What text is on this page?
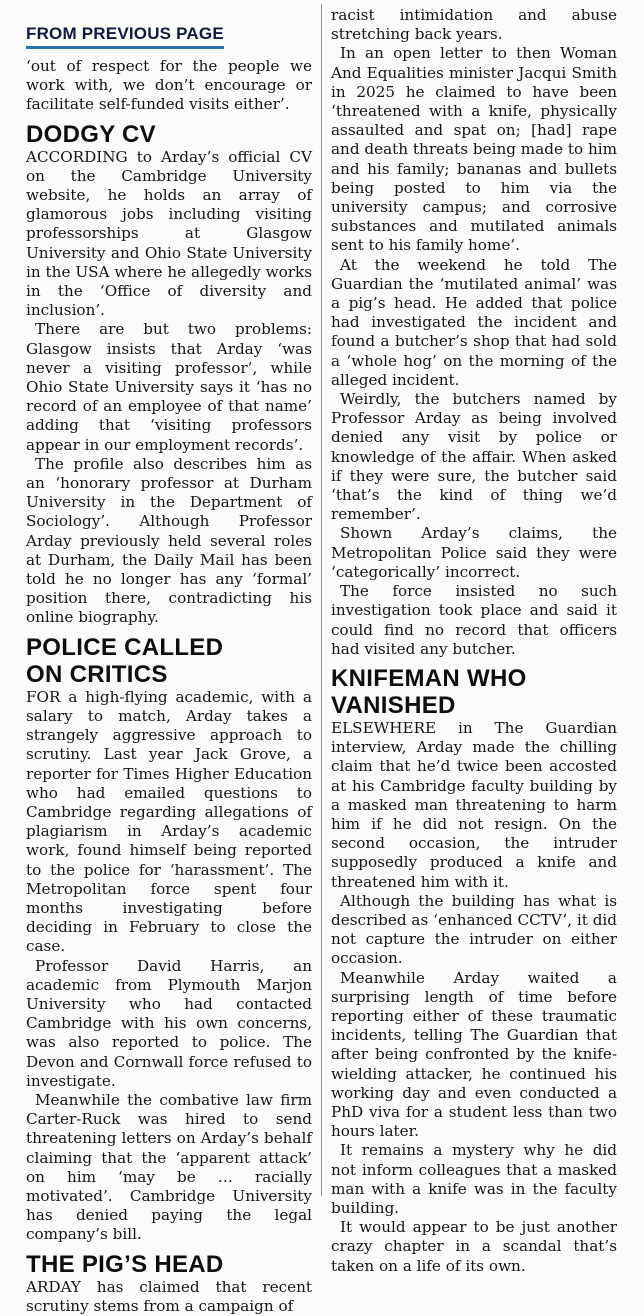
FROM PREVIOUS PAGE

‘out of respect for the people we work with, we don’t encourage or facilitate self-funded visits either’.

DODGY CV

ACCORDING to Arday’s official CV on the Cambridge University website, he holds an array of glamorous jobs including visiting professorships at Glasgow University and Ohio State University in the USA where he allegedly works in the ‘Office of diversity and inclusion’.

There are but two problems: Glasgow insists that Arday ‘was never a visiting professor’, while Ohio State University says it ‘has no record of an employee of that name’ adding that ‘visiting professors appear in our employment records’.

The profile also describes him as an ‘honorary professor at Durham University in the Department of Sociology’. Although Professor Arday previously held several roles at Durham, the Daily Mail has been told he no longer has any ‘formal’ position there, contradicting his online biography.

POLICE CALLED
ON CRITICS

FOR a high-flying academic, with a salary to match, Arday takes a strangely aggressive approach to scrutiny. Last year Jack Grove, a reporter for Times Higher Education who had emailed questions to Cambridge regarding allegations of plagiarism in Arday’s academic work, found himself being reported to the police for ‘harassment’. The Metropolitan force spent four months investigating before deciding in February to close the case.

Professor David Harris, an academic from Plymouth Marjon University who had contacted Cambridge with his own concerns, was also reported to police. The Devon and Cornwall force refused to investigate.

Meanwhile the combative law firm Carter-Ruck was hired to send threatening letters on Arday’s behalf claiming that the ‘apparent attack’ on him ‘may be … racially motivated’. Cambridge University has denied paying the legal company’s bill.

THE PIG’S HEAD

ARDAY has claimed that recent scrutiny stems from a campaign of

racist intimidation and abuse stretching back years.

In an open letter to then Woman And Equalities minister Jacqui Smith in 2025 he claimed to have been ‘threatened with a knife, physically assaulted and spat on; [had] rape and death threats being made to him and his family; bananas and bullets being posted to him via the university campus; and corrosive substances and mutilated animals sent to his family home’.

At the weekend he told The Guardian the ‘mutilated animal’ was a pig’s head. He added that police had investigated the incident and found a butcher’s shop that had sold a ‘whole hog’ on the morning of the alleged incident.

Weirdly, the butchers named by Professor Arday as being involved denied any visit by police or knowledge of the affair. When asked if they were sure, the butcher said ‘that’s the kind of thing we’d remember’.

Shown Arday’s claims, the Metropolitan Police said they were ‘categorically’ incorrect.

The force insisted no such investigation took place and said it could find no record that officers had visited any butcher.

KNIFEMAN WHO
VANISHED

ELSEWHERE in The Guardian interview, Arday made the chilling claim that he’d twice been accosted at his Cambridge faculty building by a masked man threatening to harm him if he did not resign. On the second occasion, the intruder supposedly produced a knife and threatened him with it.

Although the building has what is described as ‘enhanced CCTV’, it did not capture the intruder on either occasion.

Meanwhile Arday waited a surprising length of time before reporting either of these traumatic incidents, telling The Guardian that after being confronted by the knife-wielding attacker, he continued his working day and even conducted a PhD viva for a student less than two hours later.

It remains a mystery why he did not inform colleagues that a masked man with a knife was in the faculty building.

It would appear to be just another crazy chapter in a scandal that’s taken on a life of its own.
